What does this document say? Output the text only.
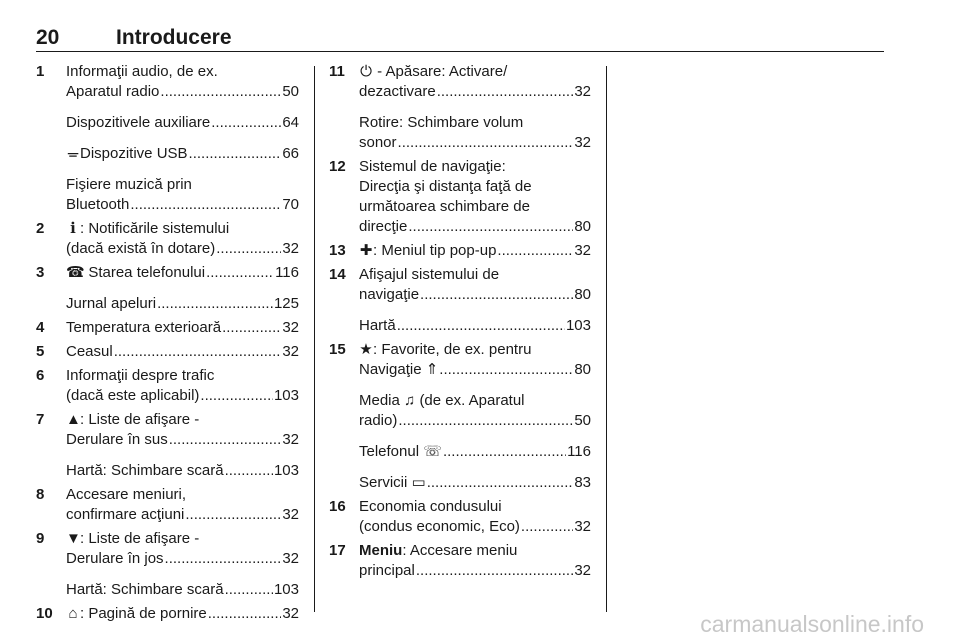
20	Introducere
1 Informaţii audio, de ex.
Aparatul radio .....	50
Dispozitivele auxiliare .....	64
ᚚ Dispozitive USB .....	66
Fişiere muzică prin
Bluetooth .....	70
2 ℹ : Notificările sistemului
(dacă există în dotare) .....	32
3 ☎: Starea telefonului .....	116
Jurnal apeluri .....	125
4 Temperatura exterioară .....	32
5 Ceasul .....	32
6 Informaţii despre trafic
(dacă este aplicabil) .....	103
7 ▲: Liste de afişare -
Derulare în sus .....	32
Hartă: Schimbare scară .....	103
8 Accesare meniuri,
confirmare acţiuni .....	32
9 ▼: Liste de afişare -
Derulare în jos .....	32
Hartă: Schimbare scară .....	103
10 ⌂ : Pagină de pornire .....	32
11 ⏻ - Apăsare: Activare/
dezactivare .....	32
Rotire: Schimbare volum
sonor .....	32
12 Sistemul de navigaţie:
Direcţia şi distanţa faţă de
următoarea schimbare de
direcţie .....	80
13 ✚: Meniul tip pop-up .....	32
14 Afişajul sistemului de
navigaţie .....	80
Hartă .....	103
15 ★: Favorite, de ex. pentru
Navigaţie ⇑ .....	80
Media ♫ (de ex. Aparatul
radio) .....	50
Telefonul ☏ .....	116
Servicii ▭ .....	83
16 Economia condusului
(condus economic, Eco) .....	32
17 Meniu: Accesare meniu
principal .....	32
carmanualsonline.info
